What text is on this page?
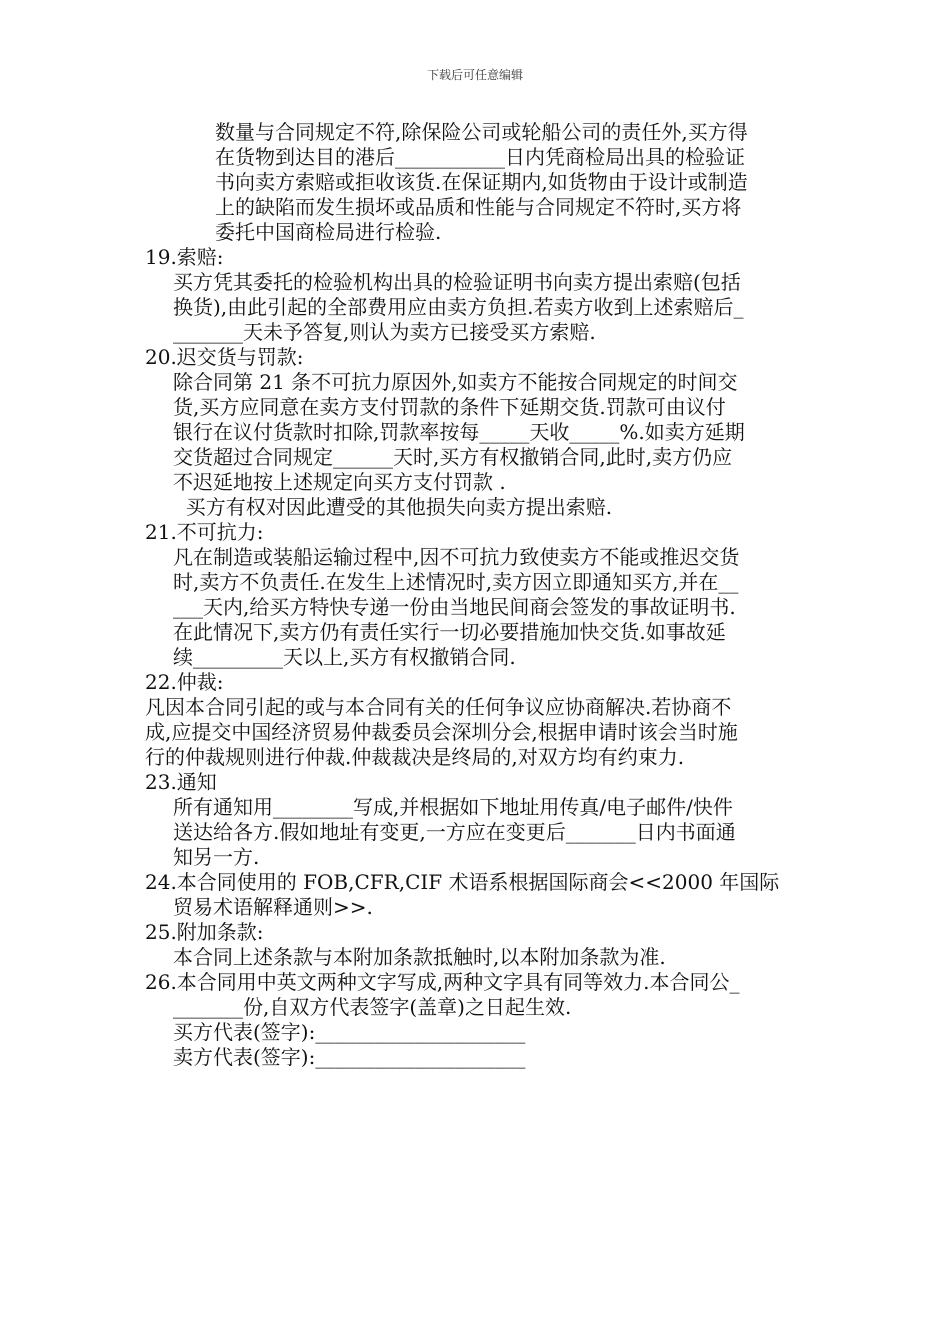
下载后可任意编辑

数量与合同规定不符,除保险公司或轮船公司的责任外,买方得

在货物到达目的港后___________日内凭商检局出具的检验证

书向卖方索赔或拒收该货.在保证期内,如货物由于设计或制造

上的缺陷而发生损坏或品质和性能与合同规定不符时,买方将

委托中国商检局进行检验.

19.索赔:

买方凭其委托的检验机构出具的检验证明书向卖方提出索赔(包括

换货),由此引起的全部费用应由卖方负担.若卖方收到上述索赔后_

_______天未予答复,则认为卖方已接受买方索赔.

20.迟交货与罚款:

除合同第 21 条不可抗力原因外,如卖方不能按合同规定的时间交

货,买方应同意在卖方支付罚款的条件下延期交货.罚款可由议付

银行在议付货款时扣除,罚款率按每_____天收_____%.如卖方延期

交货超过合同规定______天时,买方有权撤销合同,此时,卖方仍应

不迟延地按上述规定向买方支付罚款 .

买方有权对因此遭受的其他损失向卖方提出索赔.

21.不可抗力:

凡在制造或装船运输过程中,因不可抗力致使卖方不能或推迟交货

时,卖方不负责任.在发生上述情况时,卖方因立即通知买方,并在__

___天内,给买方特快专递一份由当地民间商会签发的事故证明书.

在此情况下,卖方仍有责任实行一切必要措施加快交货.如事故延

续_________天以上,买方有权撤销合同.

22.仲裁:

凡因本合同引起的或与本合同有关的任何争议应协商解决.若协商不

成,应提交中国经济贸易仲裁委员会深圳分会,根据申请时该会当时施

行的仲裁规则进行仲裁.仲裁裁决是终局的,对双方均有约束力.

23.通知

所有通知用________写成,并根据如下地址用传真/电子邮件/快件

送达给各方.假如地址有变更,一方应在变更后_______日内书面通

知另一方.

24.本合同使用的 FOB,CFR,CIF 术语系根据国际商会<<2000 年国际

贸易术语解释通则>>.

25.附加条款:

本合同上述条款与本附加条款抵触时,以本附加条款为准.

26.本合同用中英文两种文字写成,两种文字具有同等效力.本合同公_

_______份,自双方代表签字(盖章)之日起生效.

买方代表(签字):_____________________

卖方代表(签字):_____________________
